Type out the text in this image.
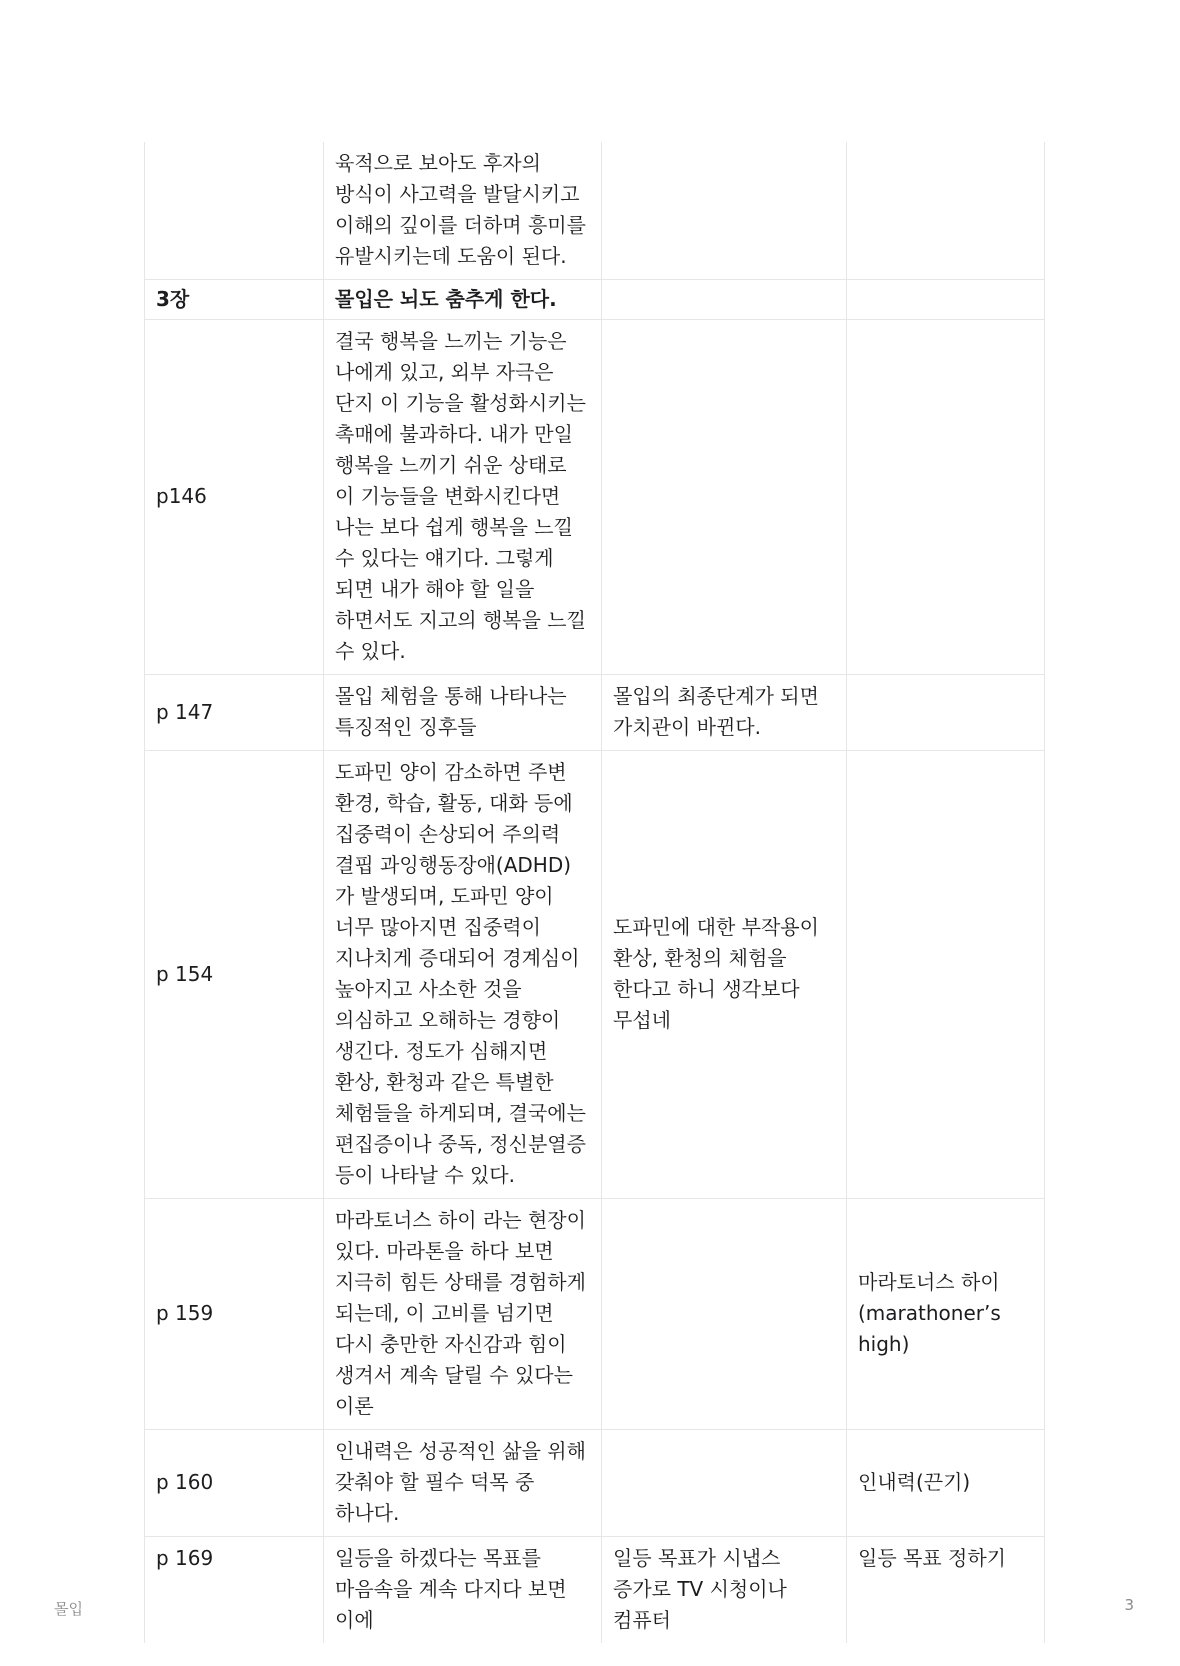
	육적으로 보아도 후자의 방식이 사고력을 발달시키고 이해의 깊이를 더하며 흥미를 유발시키는데 도움이 된다.		
3장	몰입은 뇌도 춤추게 한다.		
p146	결국 행복을 느끼는 기능은 나에게 있고, 외부 자극은 단지 이 기능을 활성화시키는 촉매에 불과하다. 내가 만일 행복을 느끼기 쉬운 상태로 이 기능들을 변화시킨다면 나는 보다 쉽게 행복을 느낄 수 있다는 얘기다. 그렇게 되면 내가 해야 할 일을 하면서도 지고의 행복을 느낄 수 있다.		
p 147	몰입 체험을 통해 나타나는 특징적인 징후들	몰입의 최종단계가 되면 가치관이 바뀐다.	
p 154	도파민 양이 감소하면 주변 환경, 학습, 활동, 대화 등에 집중력이 손상되어 주의력 결핍 과잉행동장애(ADHD)가 발생되며, 도파민 양이 너무 많아지면 집중력이 지나치게 증대되어 경계심이 높아지고 사소한 것을 의심하고 오해하는 경향이 생긴다. 정도가 심해지면 환상, 환청과 같은 특별한 체험들을 하게되며, 결국에는 편집증이나 중독, 정신분열증 등이 나타날 수 있다.	도파민에 대한 부작용이 환상, 환청의 체험을 한다고 하니 생각보다 무섭네	
p 159	마라토너스 하이 라는 현장이 있다. 마라톤을 하다 보면 지극히 힘든 상태를 경험하게 되는데, 이 고비를 넘기면 다시 충만한 자신감과 힘이 생겨서 계속 달릴 수 있다는 이론		마라토너스 하이 (marathoner’s high)
p 160	인내력은 성공적인 삶을 위해 갖춰야 할 필수 덕목 중 하나다.		인내력(끈기)
p 169	일등을 하겠다는 목표를 마음속을 계속 다지다 보면 이에	일등 목표가 시냅스 증가로 TV 시청이나 컴퓨터	일등 목표 정하기
몰입	3
